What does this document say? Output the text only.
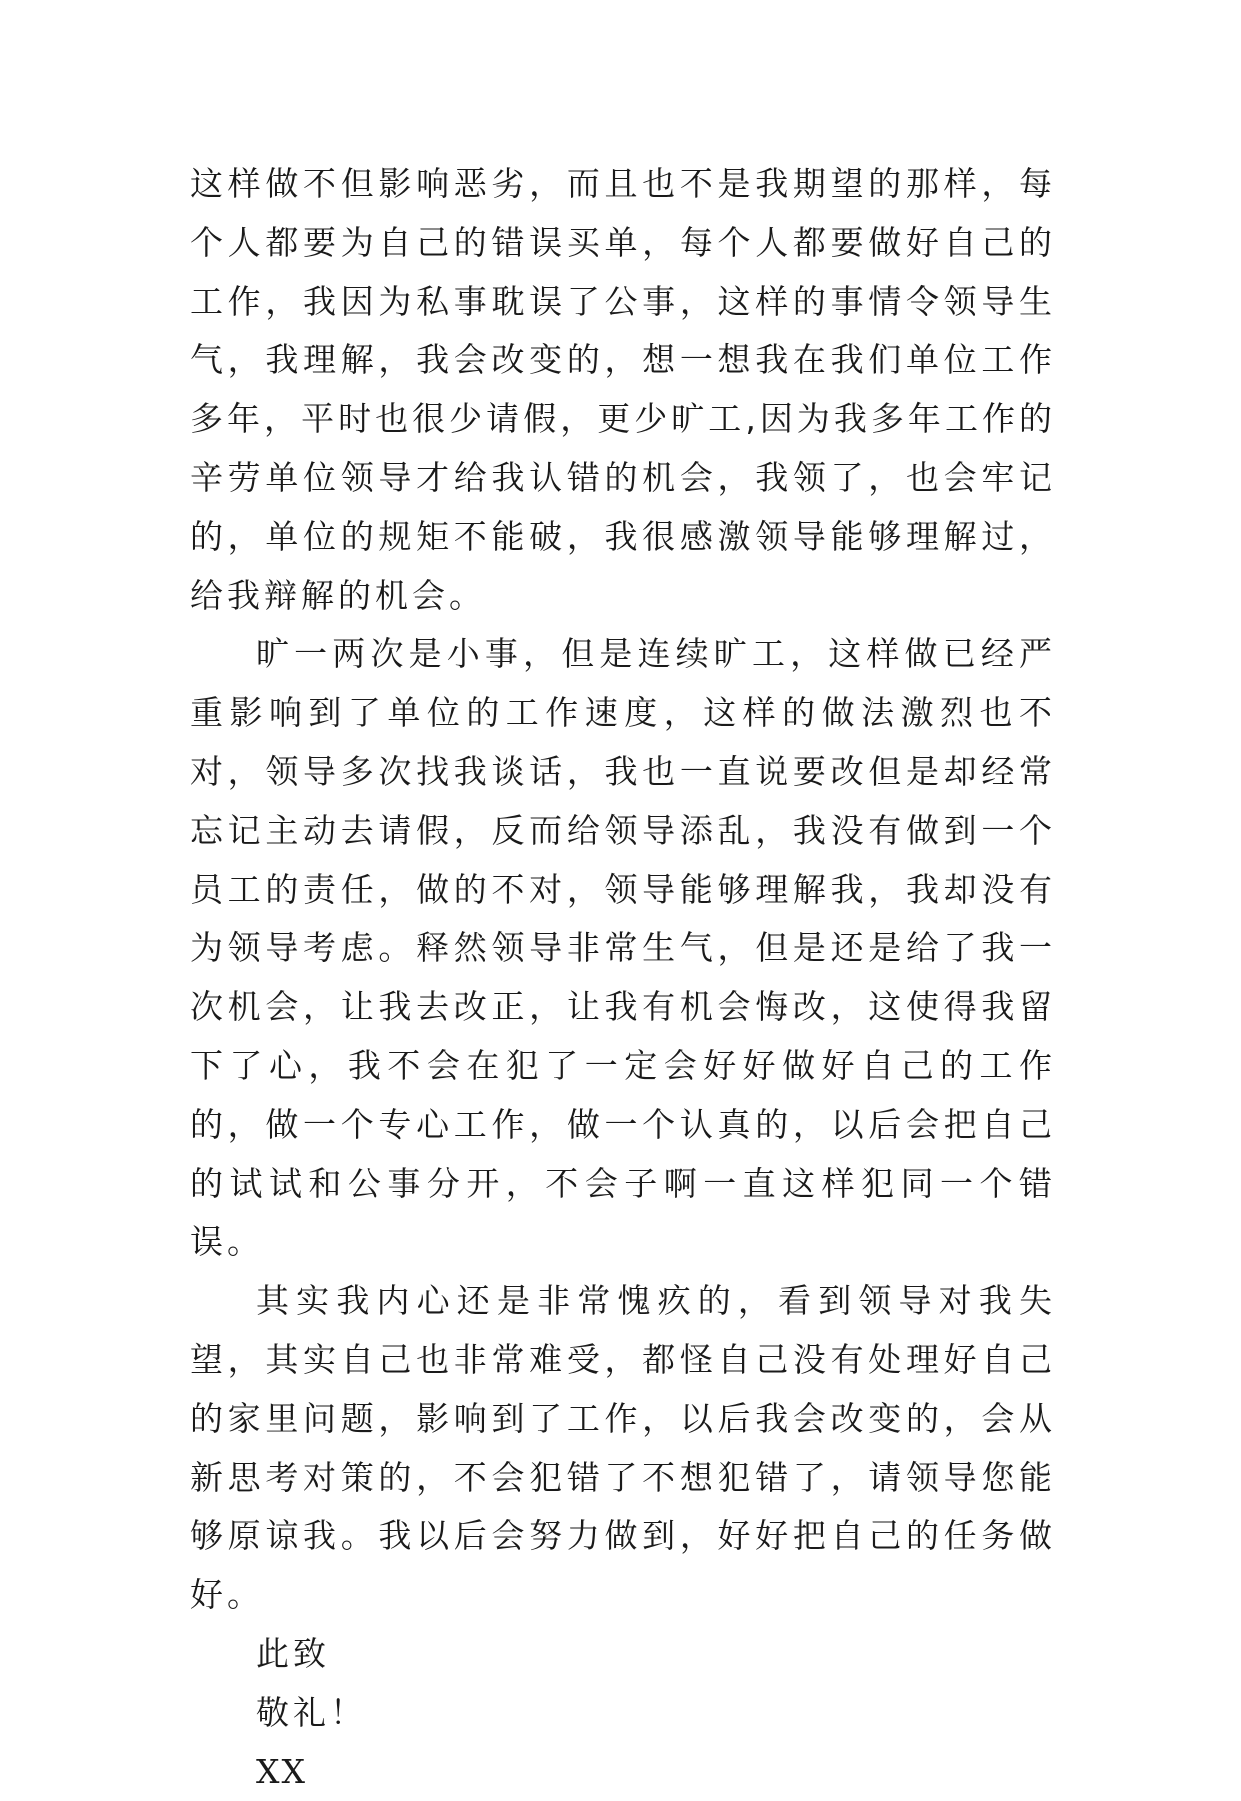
这样做不但影响恶劣，而且也不是我期望的那样，每个人都要为自己的错误买单，每个人都要做好自己的工作，我因为私事耽误了公事，这样的事情令领导生气，我理解，我会改变的，想一想我在我们单位工作多年，平时也很少请假，更少旷工,因为我多年工作的辛劳单位领导才给我认错的机会，我领了，也会牢记的，单位的规矩不能破，我很感激领导能够理解过，给我辩解的机会。

旷一两次是小事，但是连续旷工，这样做已经严重影响到了单位的工作速度，这样的做法激烈也不对，领导多次找我谈话，我也一直说要改但是却经常忘记主动去请假，反而给领导添乱，我没有做到一个员工的责任，做的不对，领导能够理解我，我却没有为领导考虑。释然领导非常生气，但是还是给了我一次机会，让我去改正，让我有机会悔改，这使得我留下了心，我不会在犯了一定会好好做好自己的工作的，做一个专心工作，做一个认真的，以后会把自己的试试和公事分开，不会子啊一直这样犯同一个错误。

其实我内心还是非常愧疚的，看到领导对我失望，其实自己也非常难受，都怪自己没有处理好自己的家里问题，影响到了工作，以后我会改变的，会从新思考对策的，不会犯错了不想犯错了，请领导您能够原谅我。我以后会努力做到，好好把自己的任务做好。

此致

敬礼！

XX
